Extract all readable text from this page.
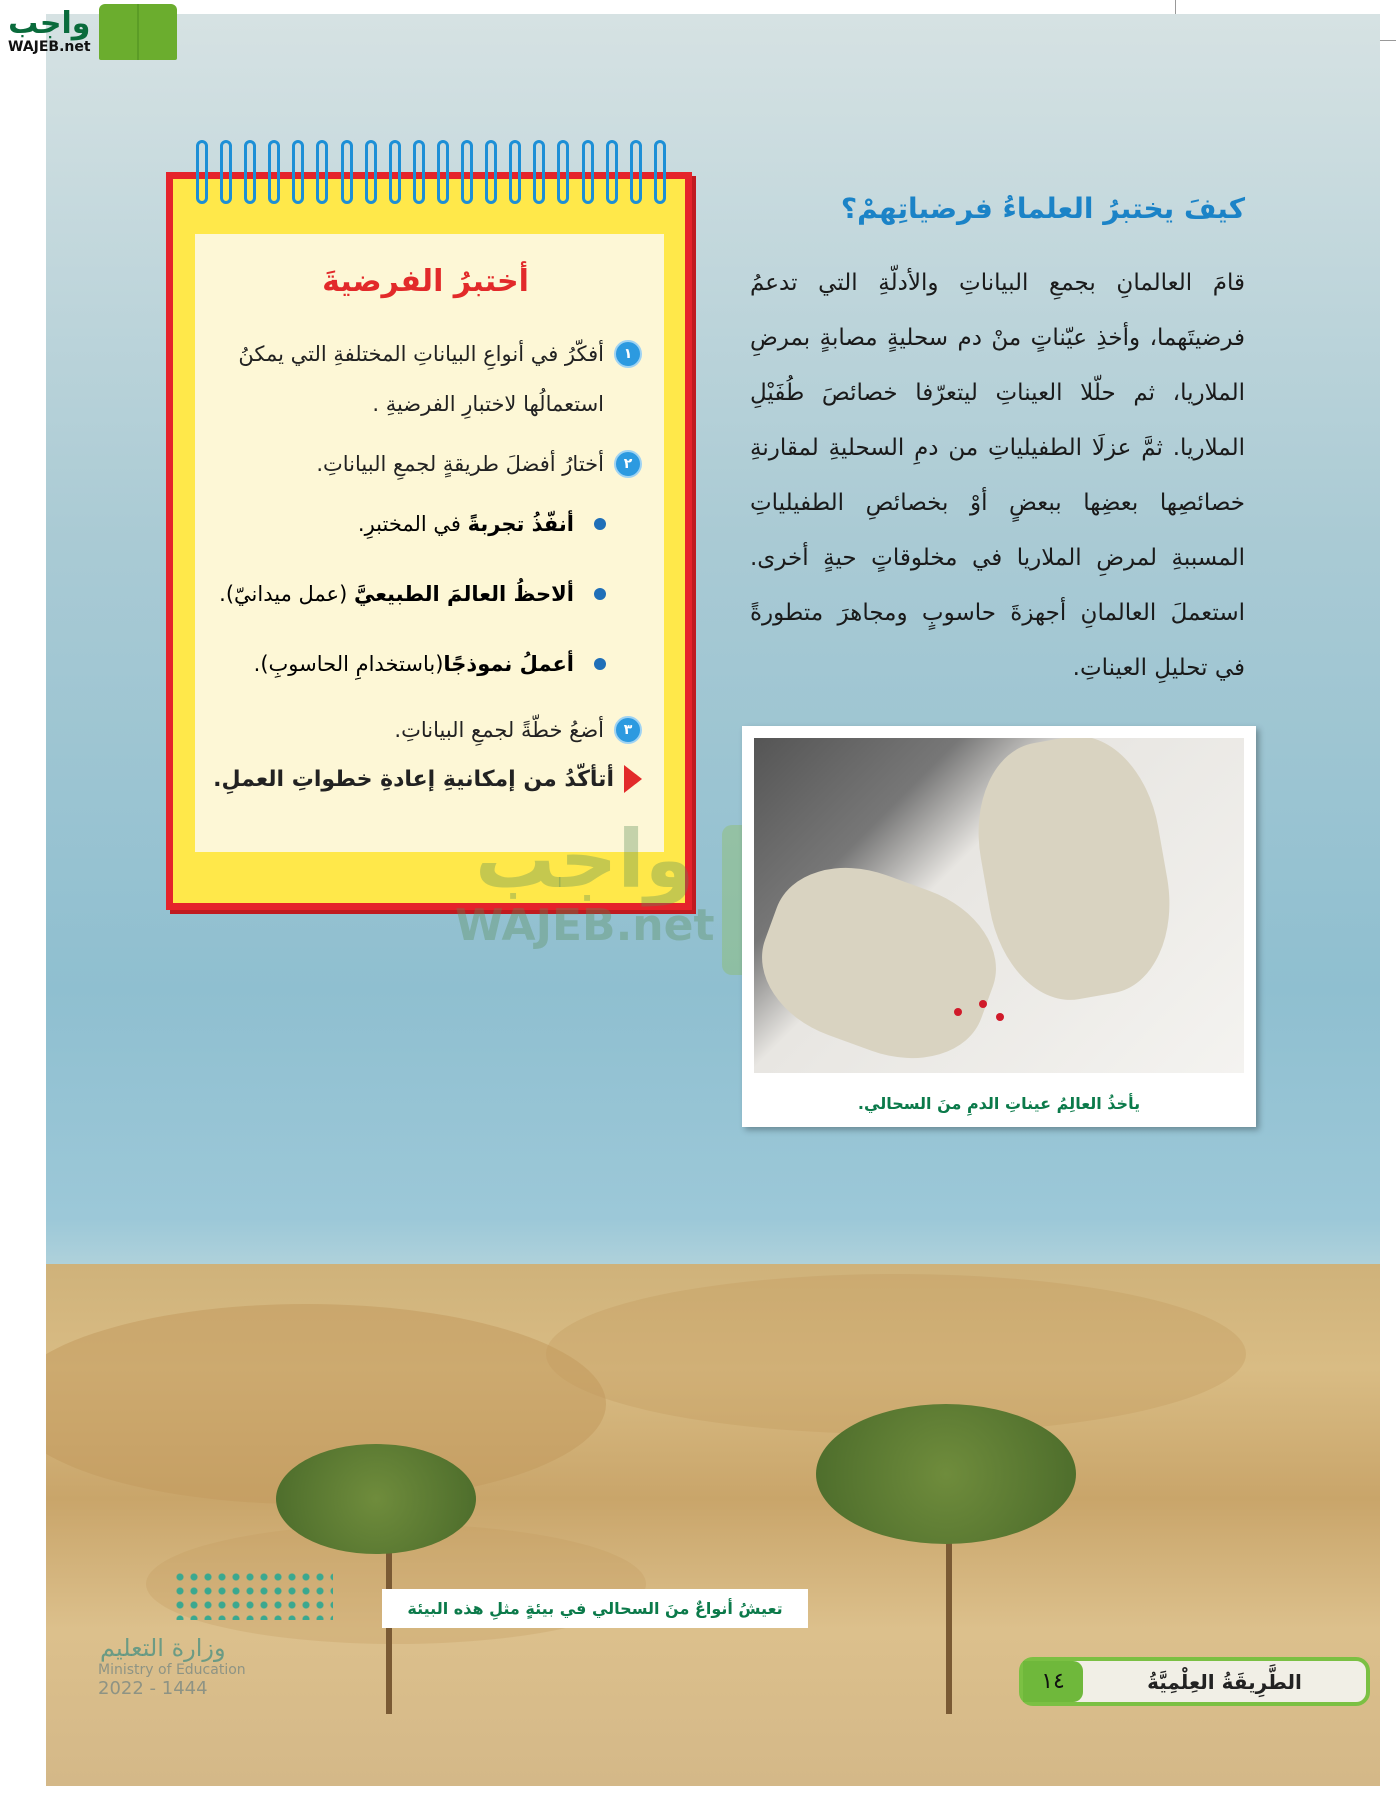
واجب
WAJEB.net
أختبرُ الفرضيةَ
١
أفكّرُ في أنواعِ البياناتِ المختلفةِ التي يمكنُ استعمالُها لاختبارِ الفرضيةِ .
٢
أختارُ أفضلَ طريقةٍ لجمعِ البياناتِ.
أنفّذُ تجربةً في المختبرِ.
ألاحظُ العالمَ الطبيعيَّ (عمل ميدانيّ).
أعملُ نموذجًا(باستخدامِ الحاسوبِ).
٣
أضعُ خطّةً لجمعِ البياناتِ.
أتأكّدُ من إمكانيةِ إعادةِ خطواتِ العملِ.
واجب
WAJEB.net
كيفَ يختبرُ العلماءُ فرضياتِهمْ؟
قامَ العالمانِ بجمعِ البياناتِ والأدلّةِ التي تدعمُ فرضيتَهما، وأخذِ عيّناتٍ منْ دم سحليةٍ مصابةٍ بمرضِ الملاريا، ثم حلّلا العيناتِ ليتعرّفا خصائصَ طُفَيْلِ الملاريا. ثمَّ عزلَا الطفيلياتِ من دمِ السحليةِ لمقارنةِ خصائصِها بعضِها ببعضٍ أوْ بخصائصِ الطفيلياتِ المسببةِ لمرضِ الملاريا في مخلوقاتٍ حيةٍ أخرى. استعملَ العالمانِ أجهزةَ حاسوبٍ ومجاهرَ متطورةً في تحليلِ العيناتِ.
يأخذُ العالِمُ عيناتِ الدمِ منَ السحالي.
تعيشُ أنواعٌ منَ السحالي في بيئةٍ مثلِ هذه البيئة
وزارة التعليم
Ministry of Education
2022 - 1444	الطَّرِيقَةُ العِلْمِيَّةُ
١٤
